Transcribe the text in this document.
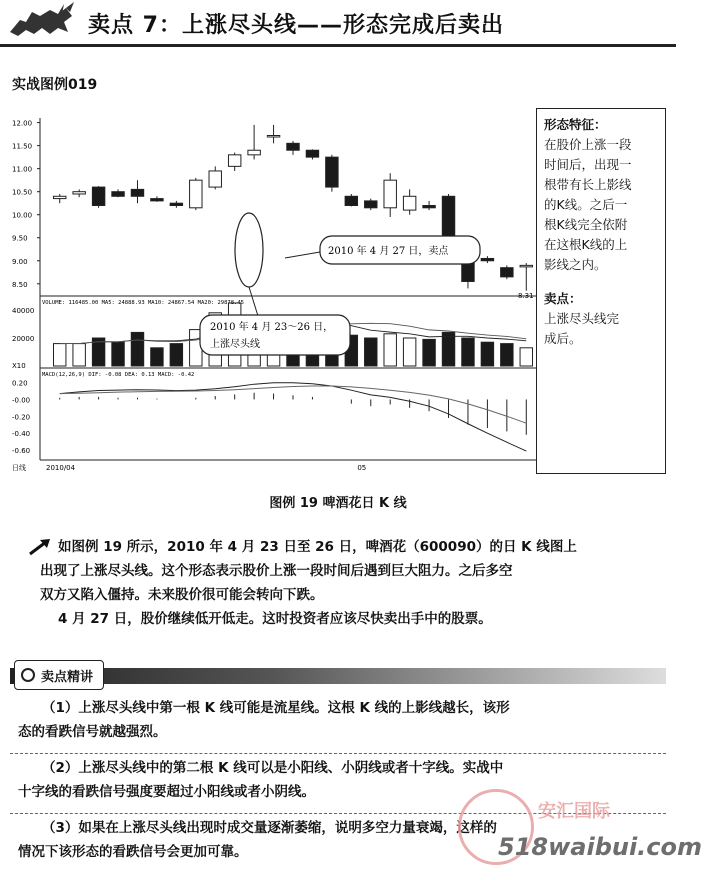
卖点 7：上涨尽头线——形态完成后卖出
实战图例019
12.00
11.50
11.00
10.50
10.00
9.50
9.00
8.50
VOLUME: 116485.00 MA5: 24888.93 MA10: 24867.54 MA20: 29878.45
40000
20000
X10
MACD(12,26,9) DIF: -0.08 DEA: 0.13 MACD: -0.42
0.20
-0.00
-0.20
-0.40
-0.60
日线	2010/04	05
2010 年 4 月 23～26 日，
上涨尽头线
2010 年 4 月 27 日，卖点
8.31

形态特征：

在股价上涨一段

时间后，出现一

根带有长上影线

的K线。之后一

根K线完全依附

在这根K线的上

影线之内。

卖点：

上涨尽头线完

成后。

图例 19 啤酒花日 K 线
如图例 19 所示，2010 年 4 月 23 日至 26 日，啤酒花（600090）的日 K 线图上
出现了上涨尽头线。这个形态表示股价上涨一段时间后遇到巨大阻力。之后多空
双方又陷入僵持。未来股价很可能会转向下跌。
4 月 27 日，股价继续低开低走。这时投资者应该尽快卖出手中的股票。
卖点精讲
（1）上涨尽头线中第一根 K 线可能是流星线。这根 K 线的上影线越长，该形
态的看跌信号就越强烈。
（2）上涨尽头线中的第二根 K 线可以是小阳线、小阴线或者十字线。实战中
十字线的看跌信号强度要超过小阳线或者小阴线。
（3）如果在上涨尽头线出现时成交量逐渐萎缩，说明多空力量衰竭，这样的
情况下该形态的看跌信号会更加可靠。
安汇国际
518waibui.com
